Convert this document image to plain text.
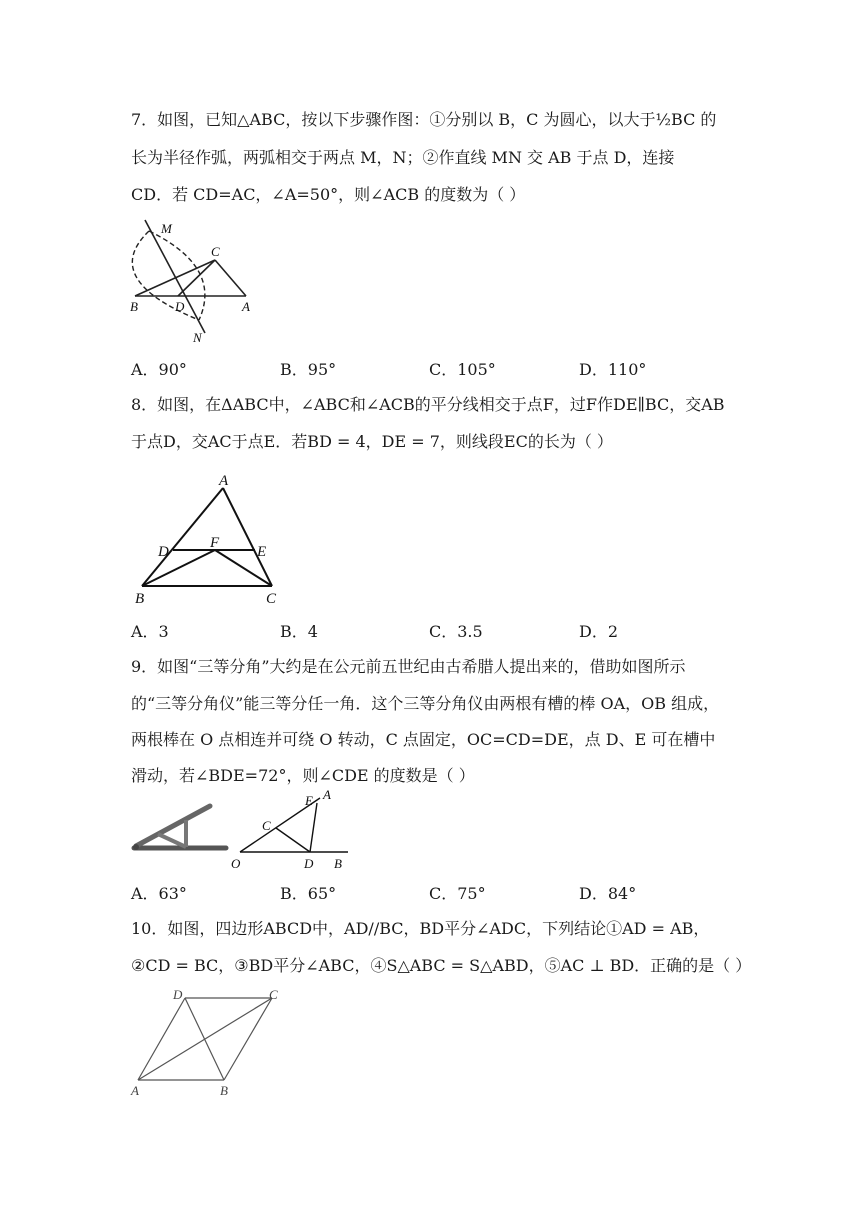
7．如图，已知△ABC，按以下步骤作图：①分别以 B，C 为圆心，以大于½BC 的
长为半径作弧，两弧相交于两点 M，N；②作直线 MN 交 AB 于点 D，连接
CD．若 CD=AC，∠A=50°，则∠ACB 的度数为（ ）
M
C
B	D	A
N
A．90°	B．95°	C．105°	D．110°
8．如图，在ΔABC中，∠ABC和∠ACB的平分线相交于点F，过F作DE∥BC，交AB
于点D，交AC于点E．若BD = 4，DE = 7，则线段EC的长为（ ）
A
D
F
E
B	C
A．3	B．4	C．3.5	D．2
9．如图“三等分角”大约是在公元前五世纪由古希腊人提出来的，借助如图所示
的“三等分角仪”能三等分任一角．这个三等分角仪由两根有槽的棒 OA，OB 组成，
两根棒在 O 点相连并可绕 O 转动，C 点固定，OC=CD=DE，点 D、E 可在槽中
滑动，若∠BDE=72°，则∠CDE 的度数是（ ）
E A
C
O	D B
A．63°	B．65°	C．75°	D．84°
10．如图，四边形ABCD中，AD//BC，BD平分∠ADC，下列结论①AD = AB，
②CD = BC，③BD平分∠ABC，④S△ABC = S△ABD，⑤AC ⊥ BD．正确的是（ ）
D	C
A	B
